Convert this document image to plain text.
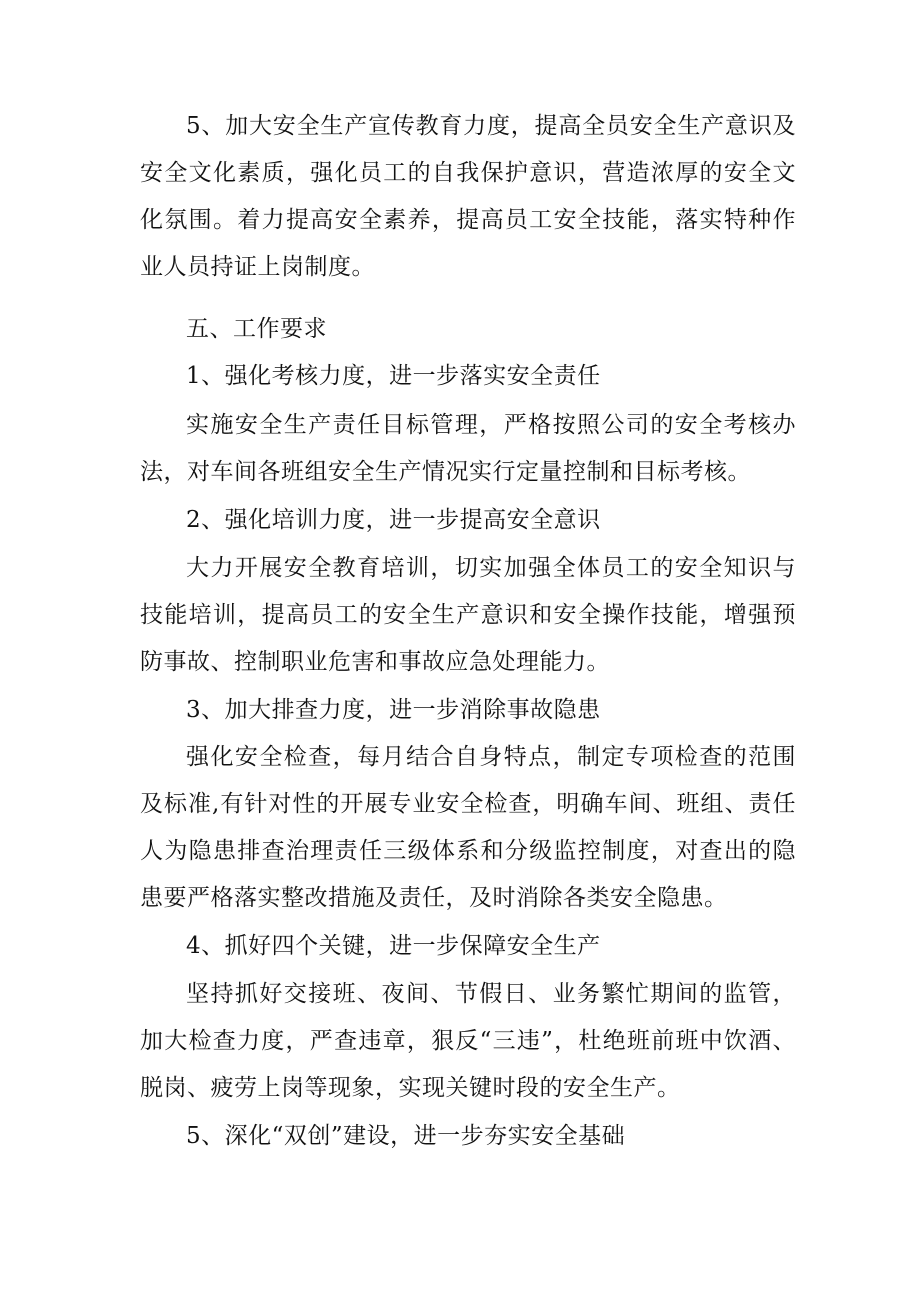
5、加大安全生产宣传教育力度，提高全员安全生产意识及安全文化素质，强化员工的自我保护意识，营造浓厚的安全文化氛围。着力提高安全素养，提高员工安全技能，落实特种作业人员持证上岗制度。

五、工作要求

1、强化考核力度，进一步落实安全责任

实施安全生产责任目标管理，严格按照公司的安全考核办法，对车间各班组安全生产情况实行定量控制和目标考核。

2、强化培训力度，进一步提高安全意识

大力开展安全教育培训，切实加强全体员工的安全知识与技能培训，提高员工的安全生产意识和安全操作技能，增强预防事故、控制职业危害和事故应急处理能力。

3、加大排查力度，进一步消除事故隐患

强化安全检查，每月结合自身特点，制定专项检查的范围及标准,有针对性的开展专业安全检查，明确车间、班组、责任人为隐患排查治理责任三级体系和分级监控制度，对查出的隐患要严格落实整改措施及责任，及时消除各类安全隐患。

4、抓好四个关键，进一步保障安全生产

坚持抓好交接班、夜间、节假日、业务繁忙期间的监管，加大检查力度，严查违章，狠反“三违”，杜绝班前班中饮酒、脱岗、疲劳上岗等现象，实现关键时段的安全生产。

5、深化“双创”建设，进一步夯实安全基础
